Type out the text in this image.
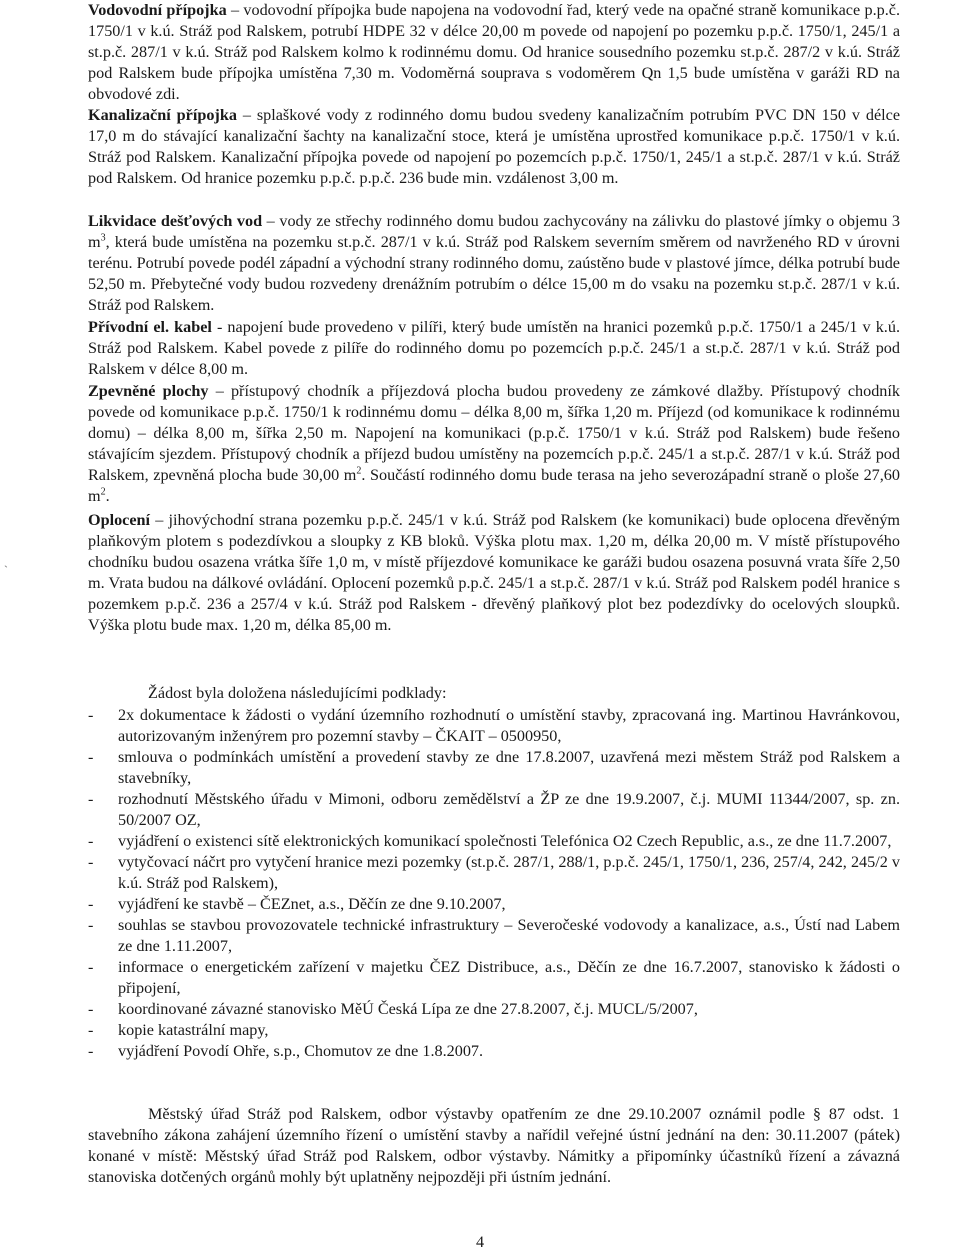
Vodovodní přípojka – vodovodní přípojka bude napojena na vodovodní řad, který vede na opačné straně komunikace p.p.č. 1750/1 v k.ú. Stráž pod Ralskem, potrubí HDPE 32 v délce 20,00 m povede od napojení po pozemku p.p.č. 1750/1, 245/1 a st.p.č. 287/1 v k.ú. Stráž pod Ralskem kolmo k rodinnému domu. Od hranice sousedního pozemku st.p.č. 287/2 v k.ú. Stráž pod Ralskem bude přípojka umístěna 7,30 m. Vodoměrná souprava s vodoměrem Qn 1,5 bude umístěna v garáži RD na obvodové zdi.

Kanalizační přípojka – splaškové vody z rodinného domu budou svedeny kanalizačním potrubím PVC DN 150 v délce 17,0 m do stávající kanalizační šachty na kanalizační stoce, která je umístěna uprostřed komunikace p.p.č. 1750/1 v k.ú. Stráž pod Ralskem. Kanalizační přípojka povede od napojení po pozemcích p.p.č. 1750/1, 245/1 a st.p.č. 287/1 v k.ú. Stráž pod Ralskem. Od hranice pozemku p.p.č. p.p.č. 236 bude min. vzdálenost 3,00 m.

Likvidace dešťových vod – vody ze střechy rodinného domu budou zachycovány na zálivku do plastové jímky o objemu 3 $m^3$, která bude umístěna na pozemku st.p.č. 287/1 v k.ú. Stráž pod Ralskem severním směrem od navrženého RD v úrovni terénu. Potrubí povede podél západní a východní strany rodinného domu, zaústěno bude v plastové jímce, délka potrubí bude 52,50 m. Přebytečné vody budou rozvedeny drenážním potrubím o délce 15,00 m do vsaku na pozemku st.p.č. 287/1 v k.ú. Stráž pod Ralskem.

Přívodní el. kabel - napojení bude provedeno v pilíři, který bude umístěn na hranici pozemků p.p.č. 1750/1 a 245/1 v k.ú. Stráž pod Ralskem. Kabel povede z pilíře do rodinného domu po pozemcích p.p.č. 245/1 a st.p.č. 287/1 v k.ú. Stráž pod Ralskem v délce 8,00 m.

Zpevněné plochy – přístupový chodník a příjezdová plocha budou provedeny ze zámkové dlažby. Přístupový chodník povede od komunikace p.p.č. 1750/1 k rodinnému domu – délka 8,00 m, šířka 1,20 m. Příjezd (od komunikace k rodinnému domu) – délka 8,00 m, šířka 2,50 m. Napojení na komunikaci (p.p.č. 1750/1 v k.ú. Stráž pod Ralskem) bude řešeno stávajícím sjezdem. Přístupový chodník a příjezd budou umístěny na pozemcích p.p.č. 245/1 a st.p.č. 287/1 v k.ú. Stráž pod Ralskem, zpevněná plocha bude 30,00 $m^2$. Součástí rodinného domu bude terasa na jeho severozápadní straně o ploše 27,60 $m^2$.

Oplocení – jihovýchodní strana pozemku p.p.č. 245/1 v k.ú. Stráž pod Ralskem (ke komunikaci) bude oplocena dřevěným plaňkovým plotem s podezdívkou a sloupky z KB bloků. Výška plotu max. 1,20 m, délka 20,00 m. V místě přístupového chodníku budou osazena vrátka šíře 1,0 m, v místě příjezdové komunikace ke garáži budou osazena posuvná vrata šíře 2,50 m. Vrata budou na dálkové ovládání. Oplocení pozemků p.p.č. 245/1 a st.p.č. 287/1 v k.ú. Stráž pod Ralskem podél hranice s pozemkem p.p.č. 236 a 257/4 v k.ú. Stráž pod Ralskem - dřevěný plaňkový plot bez podezdívky do ocelových sloupků. Výška plotu bude max. 1,20 m, délka 85,00 m.

`
Žádost byla doložena následujícími podklady:
- 2x dokumentace k žádosti o vydání územního rozhodnutí o umístění stavby, zpracovaná ing. Martinou Havránkovou, autorizovaným inženýrem pro pozemní stavby – ČKAIT – 0500950,
- smlouva o podmínkách umístění a provedení stavby ze dne 17.8.2007, uzavřená mezi městem Stráž pod Ralskem a stavebníky,
- rozhodnutí Městského úřadu v Mimoni, odboru zemědělství a ŽP ze dne 19.9.2007, č.j. MUMI 11344/2007, sp. zn. 50/2007 OZ,
- vyjádření o existenci sítě elektronických komunikací společnosti Telefónica O2 Czech Republic, a.s., ze dne 11.7.2007,
- vytyčovací náčrt pro vytyčení hranice mezi pozemky (st.p.č. 287/1, 288/1, p.p.č. 245/1, 1750/1, 236, 257/4, 242, 245/2 v k.ú. Stráž pod Ralskem),
- vyjádření ke stavbě – ČEZnet, a.s., Děčín ze dne 9.10.2007,
- souhlas se stavbou provozovatele technické infrastruktury – Severočeské vodovody a kanalizace, a.s., Ústí nad Labem ze dne 1.11.2007,
- informace o energetickém zařízení v majetku ČEZ Distribuce, a.s., Děčín ze dne 16.7.2007, stanovisko k žádosti o připojení,
- koordinované závazné stanovisko MěÚ Česká Lípa ze dne 27.8.2007, č.j. MUCL/5/2007,
- kopie katastrální mapy,
- vyjádření Povodí Ohře, s.p., Chomutov ze dne 1.8.2007.

Městský úřad Stráž pod Ralskem, odbor výstavby opatřením ze dne 29.10.2007 oznámil podle § 87 odst. 1 stavebního zákona zahájení územního řízení o umístění stavby a nařídil veřejné ústní jednání na den: 30.11.2007 (pátek) konané v místě: Městský úřad Stráž pod Ralskem, odbor výstavby. Námitky a připomínky účastníků řízení a závazná stanoviska dotčených orgánů mohly být uplatněny nejpozději při ústním jednání.

4
